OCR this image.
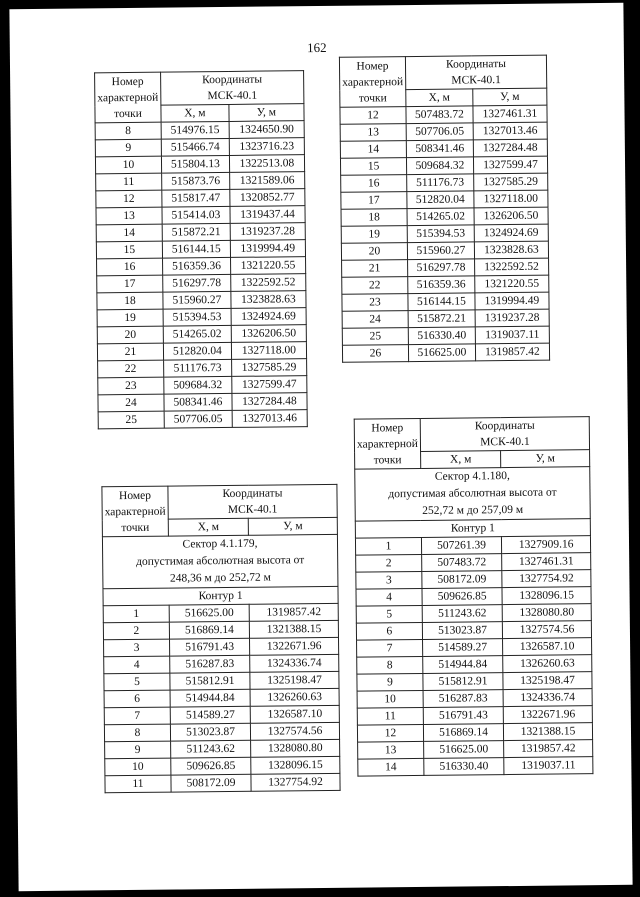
162
Номер
характерной
точки	Координаты
МСК-40.1	
	X, м	У, м
8	514976.15	1324650.90
9	515466.74	1323716.23
10	515804.13	1322513.08
11	515873.76	1321589.06
12	515817.47	1320852.77
13	515414.03	1319437.44
14	515872.21	1319237.28
15	516144.15	1319994.49
16	516359.36	1321220.55
17	516297.78	1322592.52
18	515960.27	1323828.63
19	515394.53	1324924.69
20	514265.02	1326206.50
21	512820.04	1327118.00
22	511176.73	1327585.29
23	509684.32	1327599.47
24	508341.46	1327284.48
25	507706.05	1327013.46
Номер
характерной
точки	Координаты
МСК-40.1	
	X, м	У, м
12	507483.72	1327461.31
13	507706.05	1327013.46
14	508341.46	1327284.48
15	509684.32	1327599.47
16	511176.73	1327585.29
17	512820.04	1327118.00
18	514265.02	1326206.50
19	515394.53	1324924.69
20	515960.27	1323828.63
21	516297.78	1322592.52
22	516359.36	1321220.55
23	516144.15	1319994.49
24	515872.21	1319237.28
25	516330.40	1319037.11
26	516625.00	1319857.42
Номер
характерной
точки	Координаты
МСК-40.1	
	X, м	У, м
Сектор 4.1.179,
допустимая абсолютная высота от
248,36 м до 252,72 м		
Контур 1		
1	516625.00	1319857.42
2	516869.14	1321388.15
3	516791.43	1322671.96
4	516287.83	1324336.74
5	515812.91	1325198.47
6	514944.84	1326260.63
7	514589.27	1326587.10
8	513023.87	1327574.56
9	511243.62	1328080.80
10	509626.85	1328096.15
11	508172.09	1327754.92
Номер
характерной
точки	Координаты
МСК-40.1	
	X, м	У, м
Сектор 4.1.180,
допустимая абсолютная высота от
252,72 м до 257,09 м		
Контур 1		
1	507261.39	1327909.16
2	507483.72	1327461.31
3	508172.09	1327754.92
4	509626.85	1328096.15
5	511243.62	1328080.80
6	513023.87	1327574.56
7	514589.27	1326587.10
8	514944.84	1326260.63
9	515812.91	1325198.47
10	516287.83	1324336.74
11	516791.43	1322671.96
12	516869.14	1321388.15
13	516625.00	1319857.42
14	516330.40	1319037.11
